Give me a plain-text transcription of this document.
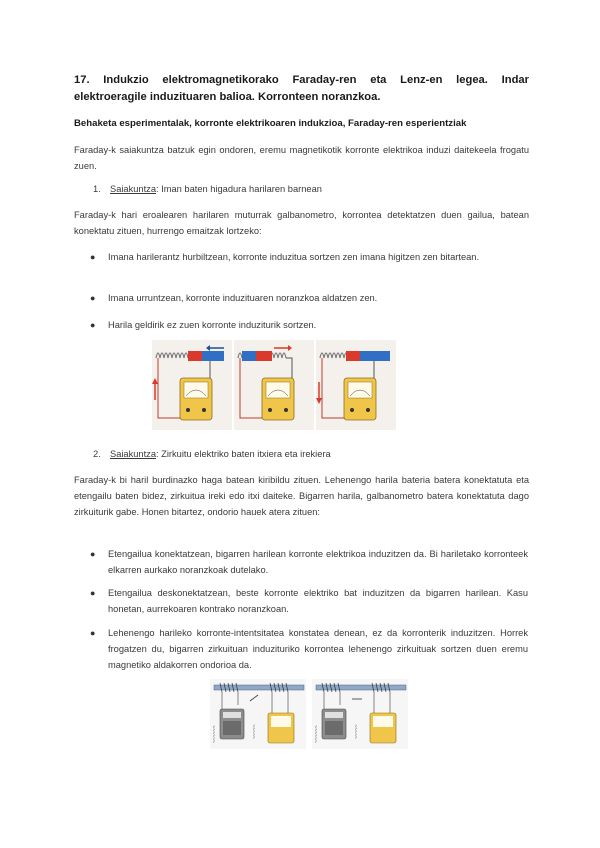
17. Indukzio elektromagnetikorako Faraday-ren eta Lenz-en legea. Indar elektroeragile induzituaren balioa. Korronteen noranzkoa.
Behaketa esperimentalak, korronte elektrikoaren indukzioa, Faraday-ren esperientziak
Faraday-k saiakuntza batzuk egin ondoren, eremu magnetikotik korronte elektrikoa induzi daitekeela frogatu zuen.
1. Saiakuntza: Iman baten higadura harilaren barnean
Faraday-k hari eroalearen harilaren muturrak galbanometro, korrontea detektatzen duen gailua, batean konektatu zituen, hurrengo emaitzak lortzeko:
●	Imana harilerantz hurbiltzean, korronte induzitua sortzen zen imana higitzen zen bitartean.
●	Imana urruntzean, korronte induzituaren noranzkoa aldatzen zen.
●	Harila geldirik ez zuen korronte induziturik sortzen.
2. Saiakuntza: Zirkuitu elektriko baten itxiera eta irekiera
Faraday-k bi haril burdinazko haga batean kiribildu zituen. Lehenengo harila bateria batera konektatuta eta etengailu baten bidez, zirkuitua ireki edo itxi daiteke. Bigarren harila, galbanometro batera konektatuta dago zirkuiturik gabe. Honen bitartez, ondorio hauek atera zituen:
●	Etengailua konektatzean, bigarren harilean korronte elektrikoa induzitzen da. Bi hariletako korronteek elkarren aurkako noranzkoak dutelako.
●	Etengailua deskonektatzean, beste korronte elektriko bat induzitzen da bigarren harilean. Kasu honetan, aurrekoaren kontrako noranzkoan.
●	Lehenengo harileko korronte-intentsitatea konstatea denean, ez da korronterik induzitzen. Horrek frogatzen du, bigarren zirkuituan induzituriko korrontea lehenengo zirkuituak sortzen duen eremu magnetiko aldakorren ondorioa da.
